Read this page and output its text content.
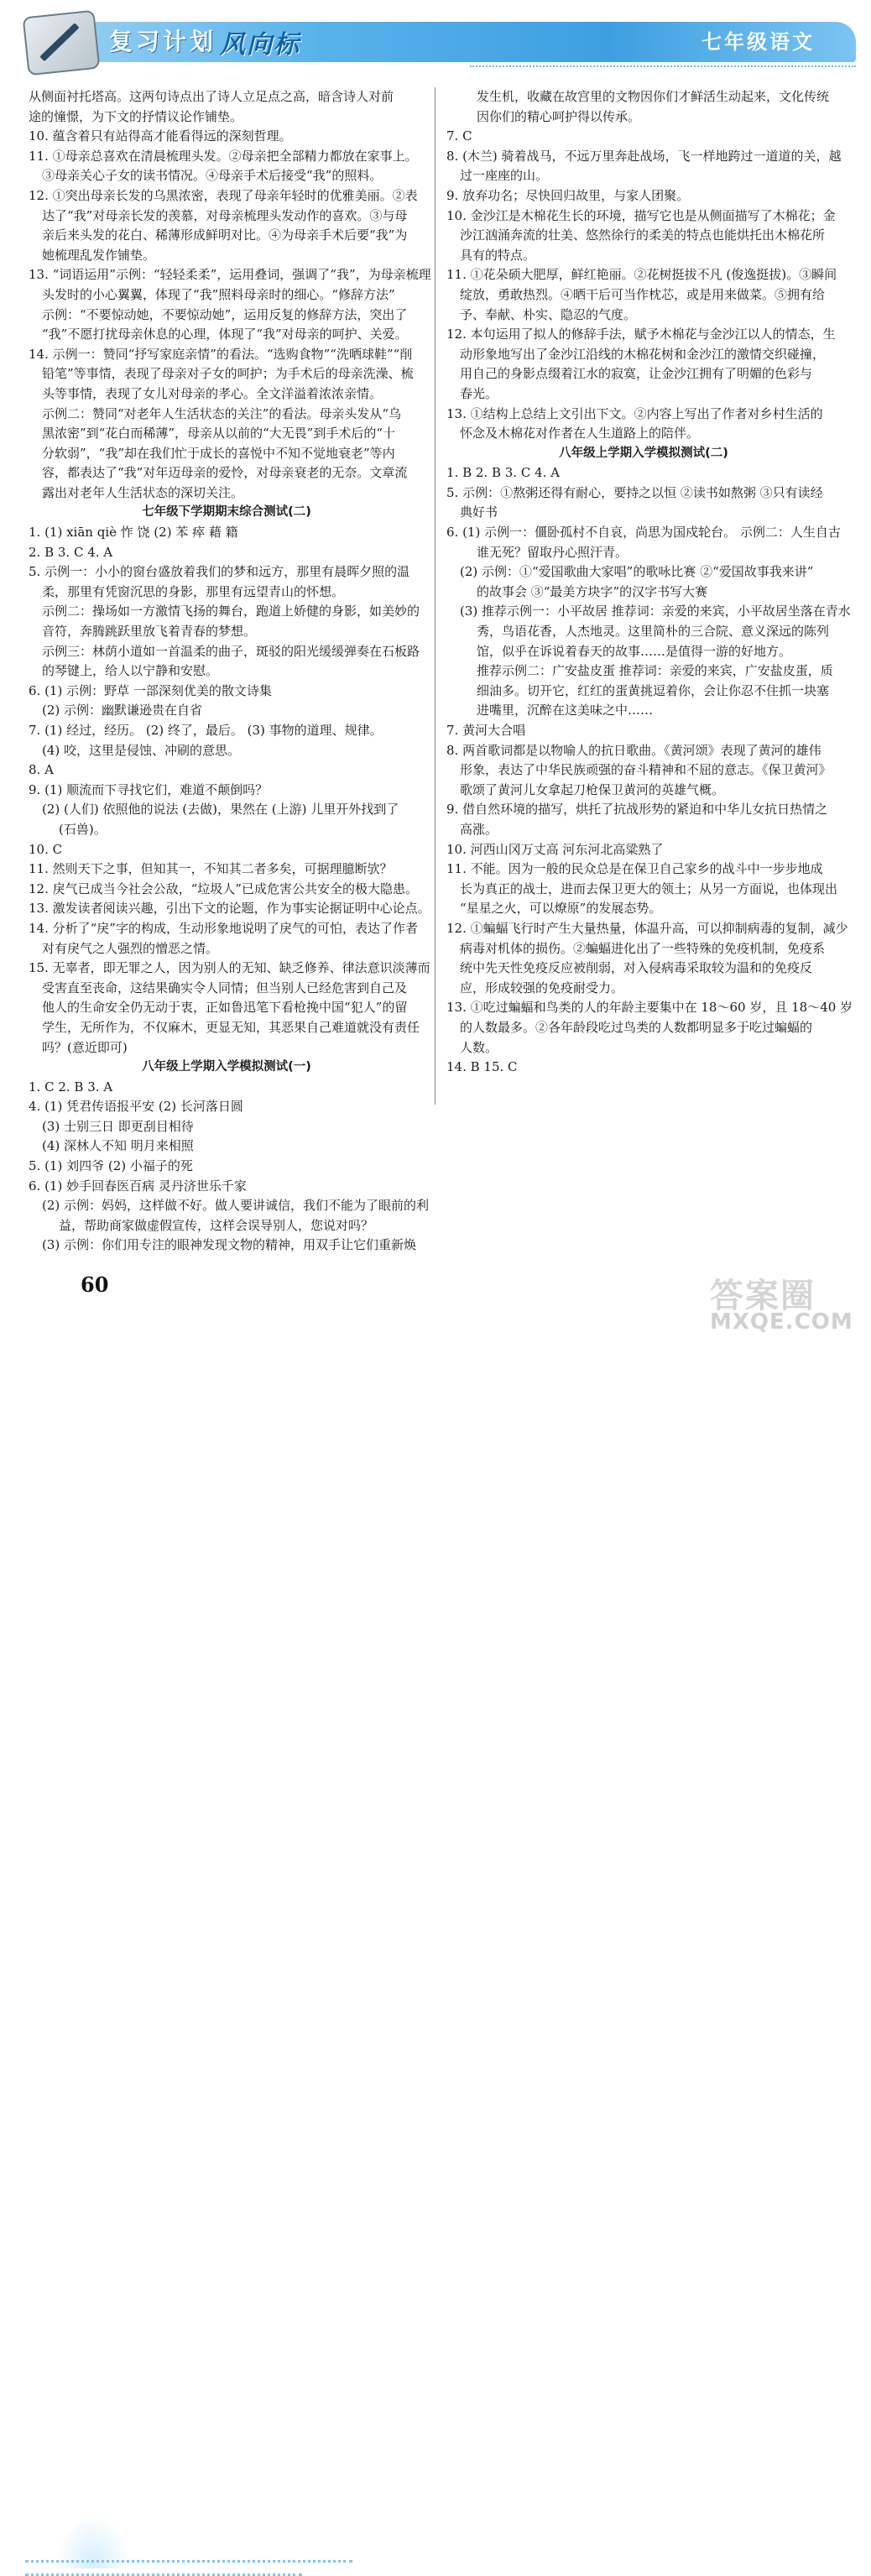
复习计划 风向标	七年级语文
从侧面衬托塔高。这两句诗点出了诗人立足点之高，暗含诗人对前
途的憧憬，为下文的抒情议论作铺垫。
10. 蕴含着只有站得高才能看得远的深刻哲理。
11. ①母亲总喜欢在清晨梳理头发。②母亲把全部精力都放在家事上。
③母亲关心子女的读书情况。④母亲手术后接受“我”的照料。
12. ①突出母亲长发的乌黑浓密，表现了母亲年轻时的优雅美丽。②表
达了“我”对母亲长发的羡慕，对母亲梳理头发动作的喜欢。③与母
亲后来头发的花白、稀薄形成鲜明对比。④为母亲手术后要“我”为
她梳理乱发作铺垫。
13. “词语运用”示例：“轻轻柔柔”，运用叠词，强调了“我”，为母亲梳理
头发时的小心翼翼，体现了“我”照料母亲时的细心。“修辞方法”
示例：“不要惊动她，不要惊动她”，运用反复的修辞方法，突出了
“我”不愿打扰母亲休息的心理，体现了“我”对母亲的呵护、关爱。
14. 示例一：赞同“抒写家庭亲情”的看法。“选购食物”“洗晒球鞋”“削
铅笔”等事情，表现了母亲对子女的呵护；为手术后的母亲洗澡、梳
头等事情，表现了女儿对母亲的孝心。全文洋溢着浓浓亲情。
示例二：赞同“对老年人生活状态的关注”的看法。母亲头发从“乌
黑浓密”到“花白而稀薄”，母亲从以前的“大无畏”到手术后的“十
分软弱”，“我”却在我们忙于成长的喜悦中不知不觉地衰老”等内
容，都表达了“我”对年迈母亲的爱怜，对母亲衰老的无奈。文章流
露出对老年人生活状态的深切关注。
七年级下学期期末综合测试(二)
1. (1) xiān qiè 怍 饶 (2) 苯 瘁 藉 籍
2. B 3. C 4. A
5. 示例一：小小的窗台盛放着我们的梦和远方，那里有晨晖夕照的温
柔，那里有凭窗沉思的身影，那里有远望青山的怀想。
示例二：操场如一方激情飞扬的舞台，跑道上娇健的身影，如美妙的
音符，奔腾跳跃里放飞着青春的梦想。
示例三：林荫小道如一首温柔的曲子，斑驳的阳光缓缓弹奏在石板路
的琴键上，给人以宁静和安慰。
6. (1) 示例：野草 一部深刻优美的散文诗集
(2) 示例：幽默谦逊贵在自省
7. (1) 经过，经历。 (2) 终了，最后。 (3) 事物的道理、规律。
(4) 咬，这里是侵蚀、冲刷的意思。
8. A
9. (1) 顺流而下寻找它们，难道不颠倒吗？
(2) (人们) 依照他的说法 (去做)，果然在 (上游) 儿里开外找到了
(石兽)。
10. C
11. 然则天下之事，但知其一，不知其二者多矣，可据理臆断欤？
12. 戾气已成当今社会公敌，“垃圾人”已成危害公共安全的极大隐患。
13. 激发读者阅读兴趣，引出下文的论题，作为事实论据证明中心论点。
14. 分析了“戾”字的构成，生动形象地说明了戾气的可怕，表达了作者
对有戾气之人强烈的憎恶之情。
15. 无辜者，即无罪之人，因为别人的无知、缺乏修养、律法意识淡薄而
受害直至丧命，这结果确实令人同情；但当别人已经危害到自己及
他人的生命安全仍无动于衷，正如鲁迅笔下看枪挽中国“犯人”的留
学生，无所作为，不仅麻木，更显无知，其恶果自己难道就没有责任
吗？(意近即可)
八年级上学期入学模拟测试(一)
1. C 2. B 3. A
4. (1) 凭君传语报平安 (2) 长河落日圆
(3) 士别三日 即更刮目相待
(4) 深林人不知 明月来相照
5. (1) 刘四爷 (2) 小福子的死
6. (1) 妙手回春医百病 灵丹济世乐千家
(2) 示例：妈妈，这样做不好。做人要讲诚信，我们不能为了眼前的利
益，帮助商家做虚假宣传，这样会误导别人，您说对吗？
(3) 示例：你们用专注的眼神发现文物的精神，用双手让它们重新焕
发生机，收藏在故宫里的文物因你们才鲜活生动起来，文化传统
因你们的精心呵护得以传承。
7. C
8. (木兰) 骑着战马，不远万里奔赴战场，飞一样地跨过一道道的关，越
过一座座的山。
9. 放弃功名；尽快回归故里，与家人团聚。
10. 金沙江是木棉花生长的环境，描写它也是从侧面描写了木棉花；金
沙江汹涌奔流的壮美、悠然徐行的柔美的特点也能烘托出木棉花所
具有的特点。
11. ①花朵硕大肥厚，鲜红艳丽。②花树挺拔不凡 (俊逸挺拔)。③瞬间
绽放，勇敢热烈。④晒干后可当作枕芯，或是用来做菜。⑤拥有给
予、奉献、朴实、隐忍的气度。
12. 本句运用了拟人的修辞手法，赋予木棉花与金沙江以人的情态，生
动形象地写出了金沙江沿线的木棉花树和金沙江的激情交织碰撞，
用自己的身影点缀着江水的寂寞，让金沙江拥有了明媚的色彩与
春光。
13. ①结构上总结上文引出下文。②内容上写出了作者对乡村生活的
怀念及木棉花对作者在人生道路上的陪伴。
八年级上学期入学模拟测试(二)
1. B 2. B 3. C 4. A
5. 示例：①熬粥还得有耐心，要持之以恒 ②读书如熬粥 ③只有读经
典好书
6. (1) 示例一：僵卧孤村不自哀，尚思为国戍轮台。 示例二：人生自古
谁无死？留取丹心照汗青。
(2) 示例：①“爱国歌曲大家唱”的歌咏比赛 ②“爱国故事我来讲”
的故事会 ③“最美方块字”的汉字书写大赛
(3) 推荐示例一：小平故居 推荐词：亲爱的来宾，小平故居坐落在青水
秀，鸟语花香，人杰地灵。这里简朴的三合院、意义深远的陈列
馆，似乎在诉说着春天的故事……是值得一游的好地方。
推荐示例二：广安盐皮蛋 推荐词：亲爱的来宾，广安盐皮蛋，质
细油多。切开它，红红的蛋黄挑逗着你，会让你忍不住抓一块塞
进嘴里，沉醉在这美味之中……
7. 黄河大合唱
8. 两首歌词都是以物喻人的抗日歌曲。《黄河颂》表现了黄河的雄伟
形象，表达了中华民族顽强的奋斗精神和不屈的意志。《保卫黄河》
歌颂了黄河儿女拿起刀枪保卫黄河的英雄气概。
9. 借自然环境的描写，烘托了抗战形势的紧迫和中华儿女抗日热情之
高涨。
10. 河西山冈万丈高 河东河北高粱熟了
11. 不能。因为一般的民众总是在保卫自己家乡的战斗中一步步地成
长为真正的战士，进而去保卫更大的领土；从另一方面说，也体现出
“星星之火，可以燎原”的发展态势。
12. ①蝙蝠飞行时产生大量热量，体温升高，可以抑制病毒的复制，减少
病毒对机体的损伤。②蝙蝠进化出了一些特殊的免疫机制，免疫系
统中先天性免疫反应被削弱，对入侵病毒采取较为温和的免疫反
应，形成较强的免疫耐受力。
13. ①吃过蝙蝠和鸟类的人的年龄主要集中在 18～60 岁，且 18～40 岁
的人数最多。②各年龄段吃过鸟类的人数都明显多于吃过蝙蝠的
人数。
14. B 15. C
60	答案圈
MXQE.COM
